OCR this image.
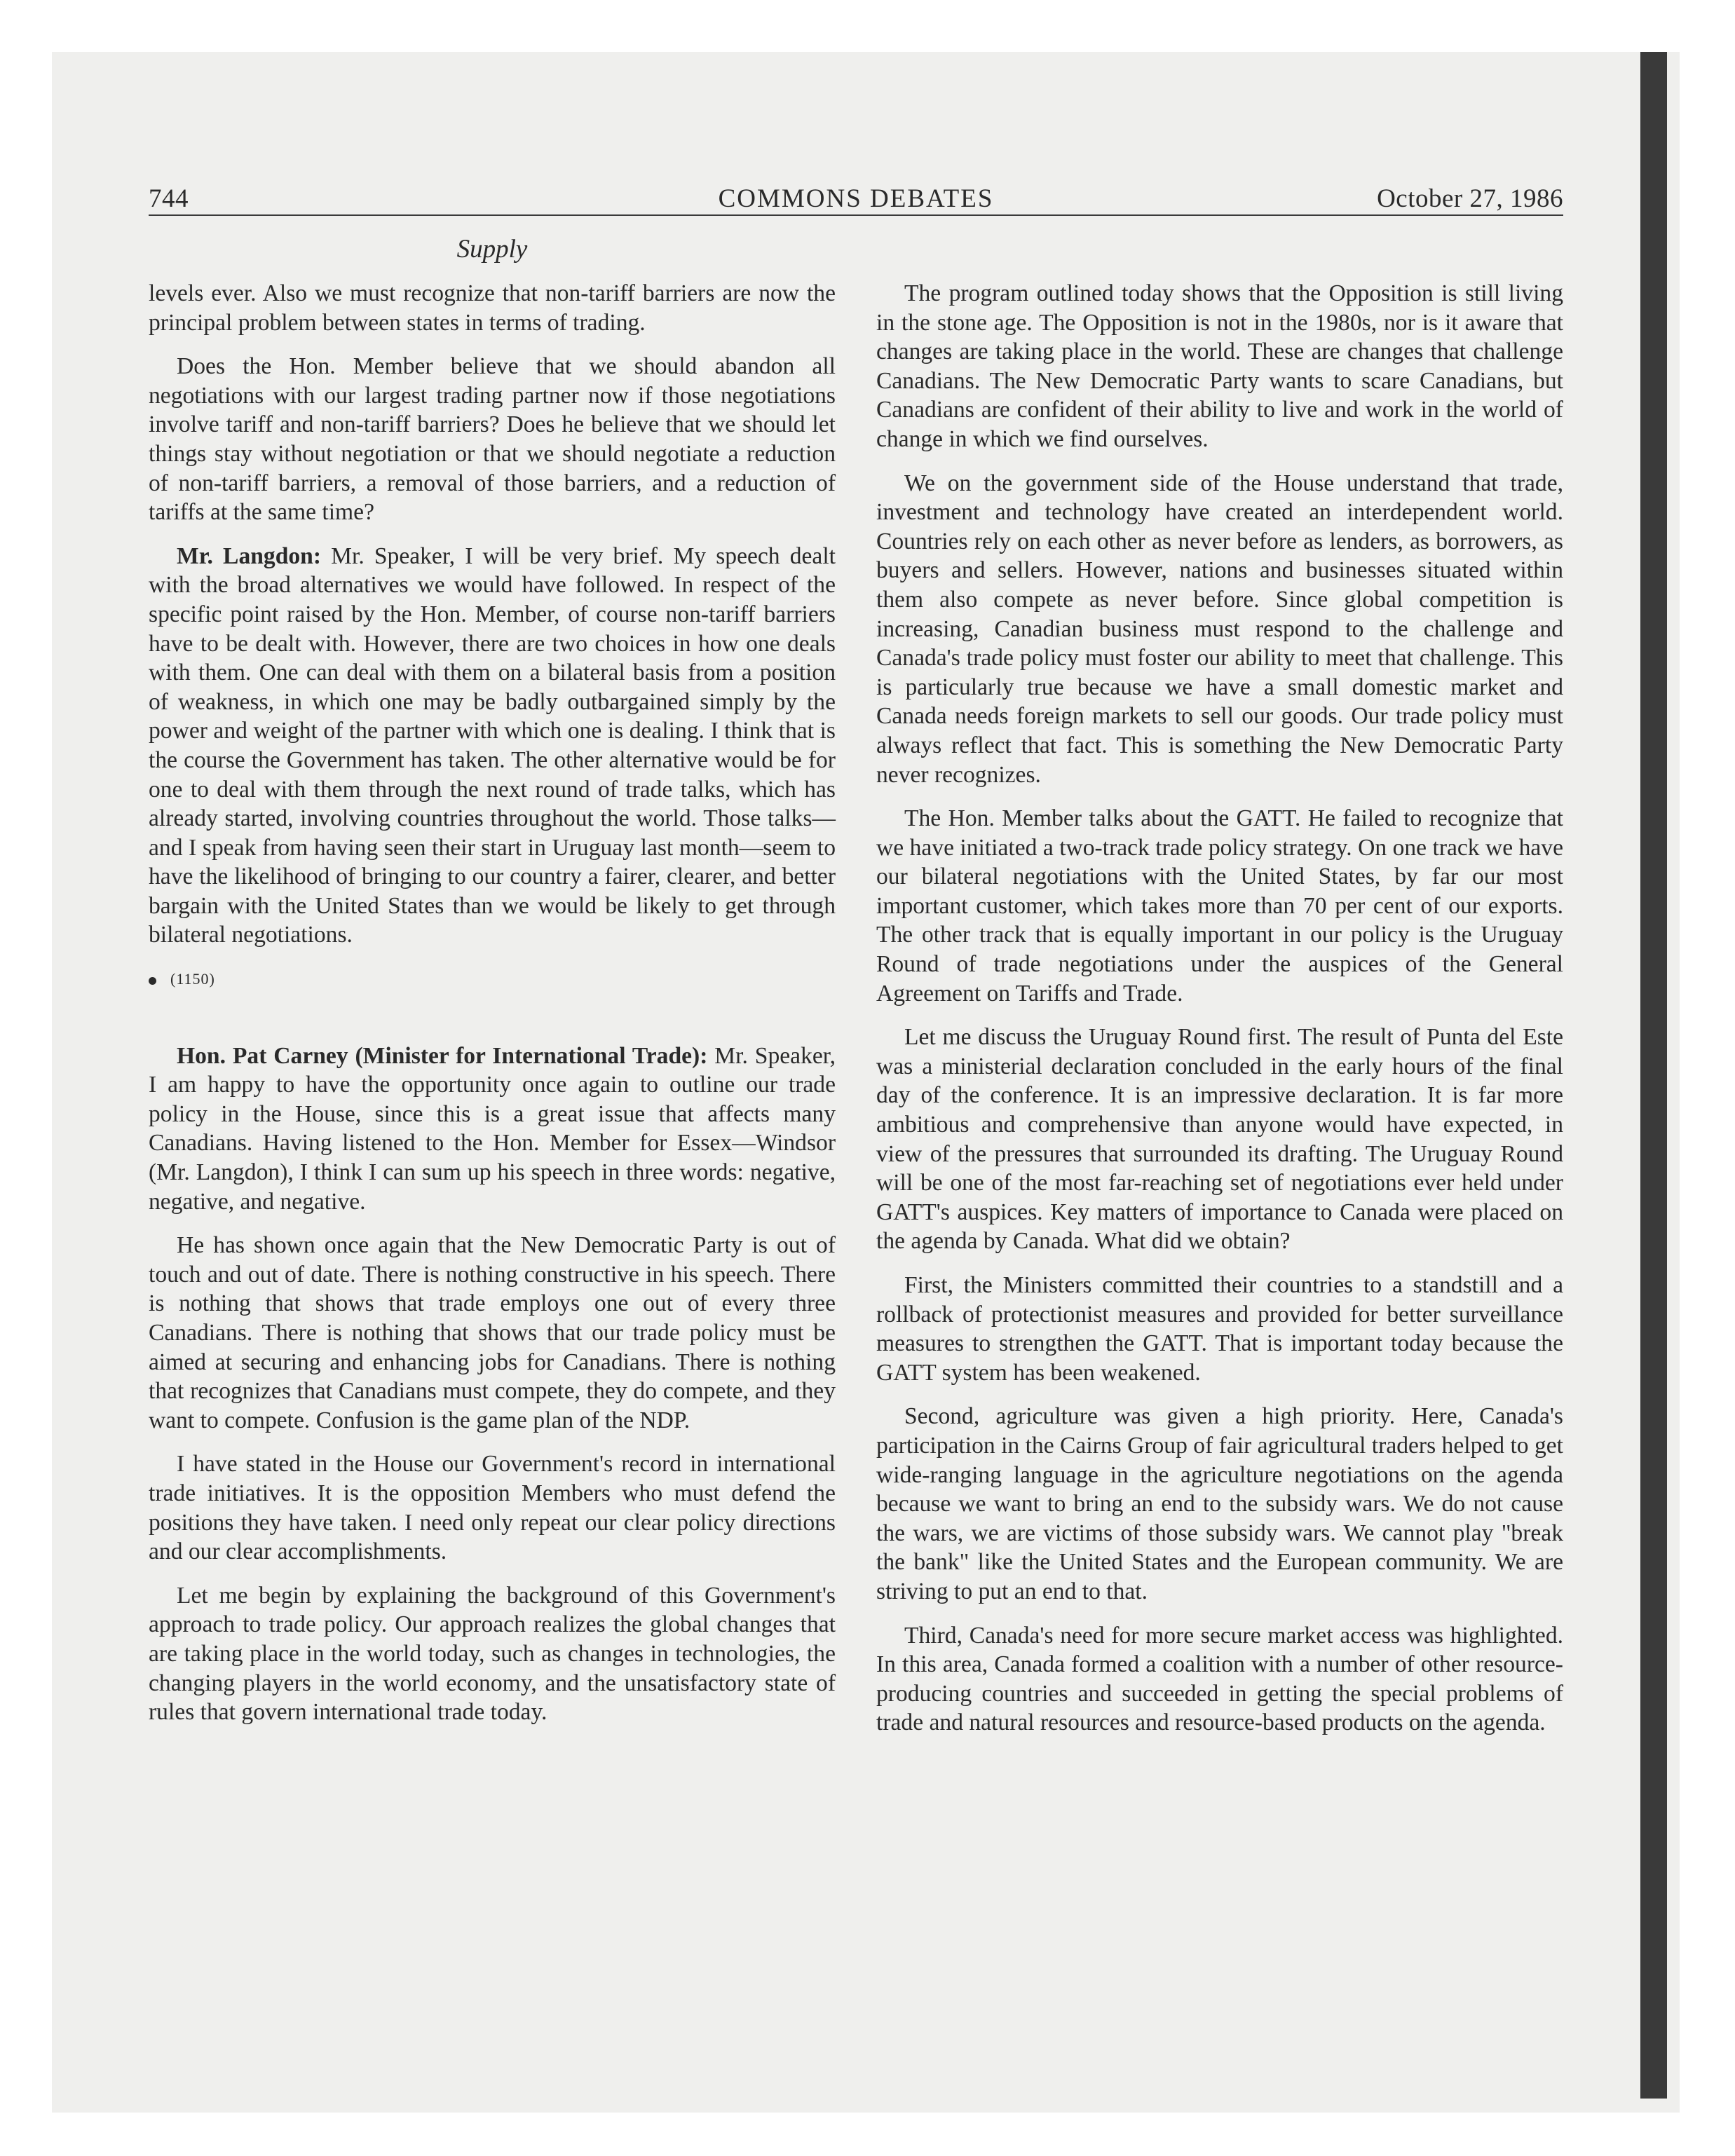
744	COMMONS DEBATES	October 27, 1986
Supply

levels ever. Also we must recognize that non-tariff barriers are now the principal problem between states in terms of trading.

Does the Hon. Member believe that we should abandon all negotiations with our largest trading partner now if those negotiations involve tariff and non-tariff barriers? Does he believe that we should let things stay without negotiation or that we should negotiate a reduction of non-tariff barriers, a removal of those barriers, and a reduction of tariffs at the same time?

Mr. Langdon: Mr. Speaker, I will be very brief. My speech dealt with the broad alternatives we would have followed. In respect of the specific point raised by the Hon. Member, of course non-tariff barriers have to be dealt with. However, there are two choices in how one deals with them. One can deal with them on a bilateral basis from a position of weakness, in which one may be badly outbargained simply by the power and weight of the partner with which one is dealing. I think that is the course the Government has taken. The other alternative would be for one to deal with them through the next round of trade talks, which has already started, involving countries throughout the world. Those talks—and I speak from having seen their start in Uruguay last month—seem to have the likelihood of bringing to our country a fairer, clearer, and better bargain with the United States than we would be likely to get through bilateral negotiations.

(1150)

Hon. Pat Carney (Minister for International Trade): Mr. Speaker, I am happy to have the opportunity once again to outline our trade policy in the House, since this is a great issue that affects many Canadians. Having listened to the Hon. Member for Essex—Windsor (Mr. Langdon), I think I can sum up his speech in three words: negative, negative, and negative.

He has shown once again that the New Democratic Party is out of touch and out of date. There is nothing constructive in his speech. There is nothing that shows that trade employs one out of every three Canadians. There is nothing that shows that our trade policy must be aimed at securing and enhancing jobs for Canadians. There is nothing that recognizes that Canadians must compete, they do compete, and they want to compete. Confusion is the game plan of the NDP.

I have stated in the House our Government's record in international trade initiatives. It is the opposition Members who must defend the positions they have taken. I need only repeat our clear policy directions and our clear accomplishments.

Let me begin by explaining the background of this Government's approach to trade policy. Our approach realizes the global changes that are taking place in the world today, such as changes in technologies, the changing players in the world economy, and the unsatisfactory state of rules that govern international trade today.

The program outlined today shows that the Opposition is still living in the stone age. The Opposition is not in the 1980s, nor is it aware that changes are taking place in the world. These are changes that challenge Canadians. The New Democratic Party wants to scare Canadians, but Canadians are confident of their ability to live and work in the world of change in which we find ourselves.

We on the government side of the House understand that trade, investment and technology have created an interdependent world. Countries rely on each other as never before as lenders, as borrowers, as buyers and sellers. However, nations and businesses situated within them also compete as never before. Since global competition is increasing, Canadian business must respond to the challenge and Canada's trade policy must foster our ability to meet that challenge. This is particularly true because we have a small domestic market and Canada needs foreign markets to sell our goods. Our trade policy must always reflect that fact. This is something the New Democratic Party never recognizes.

The Hon. Member talks about the GATT. He failed to recognize that we have initiated a two-track trade policy strategy. On one track we have our bilateral negotiations with the United States, by far our most important customer, which takes more than 70 per cent of our exports. The other track that is equally important in our policy is the Uruguay Round of trade negotiations under the auspices of the General Agreement on Tariffs and Trade.

Let me discuss the Uruguay Round first. The result of Punta del Este was a ministerial declaration concluded in the early hours of the final day of the conference. It is an impressive declaration. It is far more ambitious and comprehensive than anyone would have expected, in view of the pressures that surrounded its drafting. The Uruguay Round will be one of the most far-reaching set of negotiations ever held under GATT's auspices. Key matters of importance to Canada were placed on the agenda by Canada. What did we obtain?

First, the Ministers committed their countries to a standstill and a rollback of protectionist measures and provided for better surveillance measures to strengthen the GATT. That is important today because the GATT system has been weakened.

Second, agriculture was given a high priority. Here, Canada's participation in the Cairns Group of fair agricultural traders helped to get wide-ranging language in the agriculture negotiations on the agenda because we want to bring an end to the subsidy wars. We do not cause the wars, we are victims of those subsidy wars. We cannot play "break the bank" like the United States and the European community. We are striving to put an end to that.

Third, Canada's need for more secure market access was highlighted. In this area, Canada formed a coalition with a number of other resource-producing countries and succeeded in getting the special problems of trade and natural resources and resource-based products on the agenda.
